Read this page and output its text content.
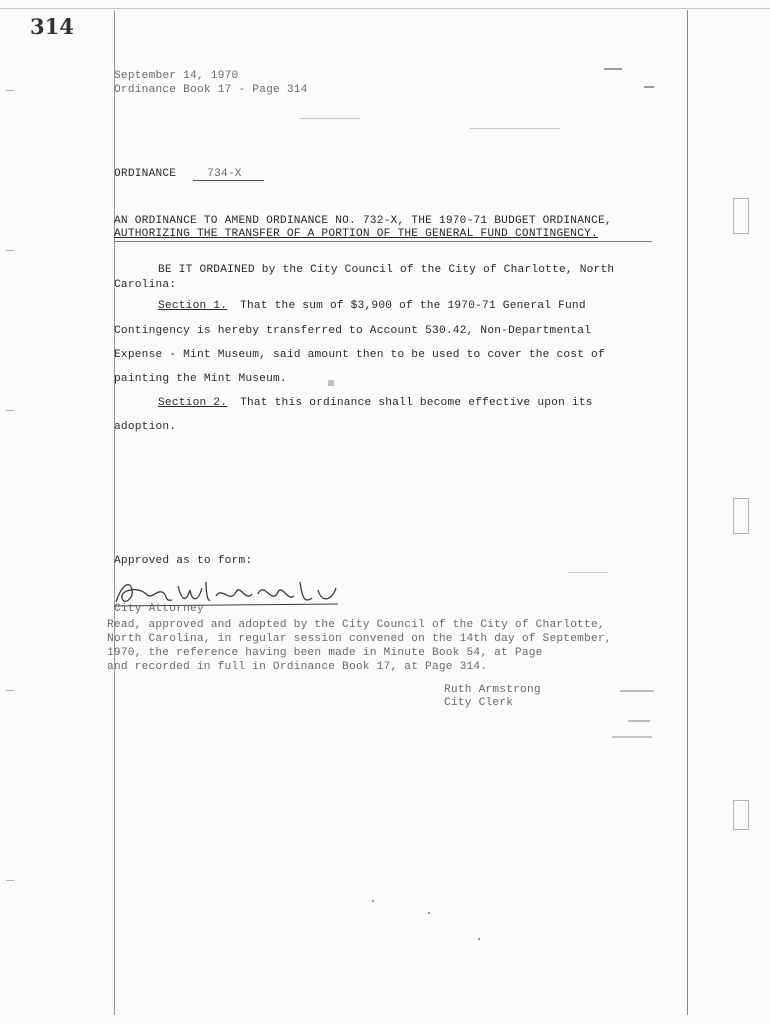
314
September 14, 1970
Ordinance Book 17 - Page 314
ORDINANCE	734-X
AN ORDINANCE TO AMEND ORDINANCE NO. 732-X, THE 1970-71 BUDGET ORDINANCE,
AUTHORIZING THE TRANSFER OF A PORTION OF THE GENERAL FUND CONTINGENCY.
BE IT ORDAINED by the City Council of the City of Charlotte, North
Carolina:
Section 1. That the sum of $3,900 of the 1970-71 General Fund
Contingency is hereby transferred to Account 530.42, Non-Departmental
Expense - Mint Museum, said amount then to be used to cover the cost of
painting the Mint Museum.
Section 2. That this ordinance shall become effective upon its
adoption.
Approved as to form:
City Attorney
Read, approved and adopted by the City Council of the City of Charlotte,
North Carolina, in regular session convened on the 14th day of September,
1970, the reference having been made in Minute Book 54, at Page
and recorded in full in Ordinance Book 17, at Page 314.
Ruth Armstrong
City Clerk
